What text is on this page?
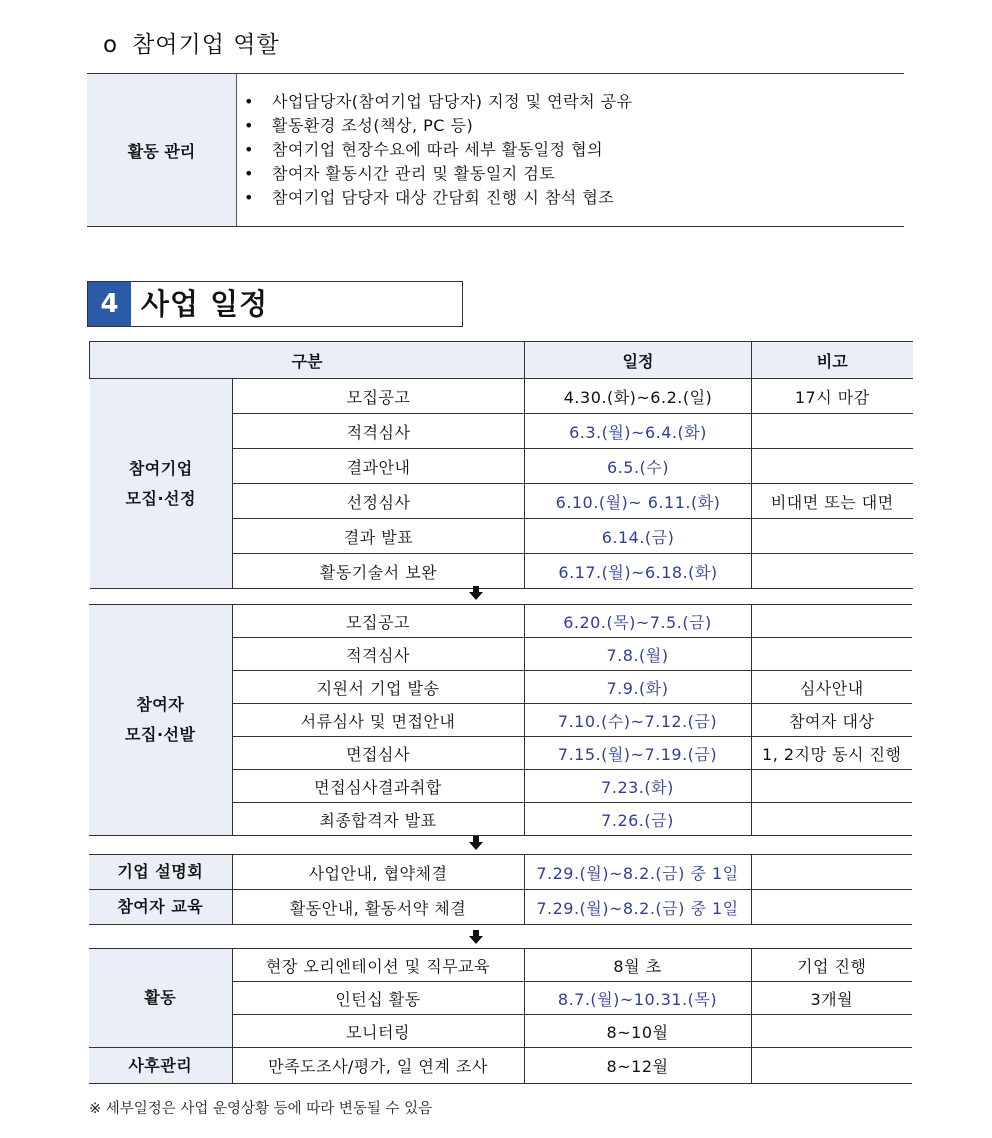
o 참여기업 역할
활동 관리	
• 사업담당자(참여기업 담당자) 지정 및 연락처 공유
• 활동환경 조성(책상, PC 등)
• 참여기업 현장수요에 따라 세부 활동일정 협의
• 참여자 활동시간 관리 및 활동일지 검토
• 참여기업 담당자 대상 간담회 진행 시 참석 협조
4 사업 일정
구분		일정	비고

참여기업
모집·선정	모집공고	4.30.(화)~6.2.(일)	17시 마감
	적격심사	6.3.(월)~6.4.(화)	
	결과안내	6.5.(수)	
	선정심사	6.10.(월)~ 6.11.(화)	비대면 또는 대면
	결과 발표	6.14.(금)	
	활동기술서 보완	6.17.(월)~6.18.(화)	
참여자
모집·선발	모집공고	6.20.(목)~7.5.(금)	
	적격심사	7.8.(월)	
	지원서 기업 발송	7.9.(화)	심사안내
	서류심사 및 면접안내	7.10.(수)~7.12.(금)	참여자 대상
	면접심사	7.15.(월)~7.19.(금)	1, 2지망 동시 진행
	면접심사결과취합	7.23.(화)	
	최종합격자 발표	7.26.(금)	
기업 설명회	사업안내, 협약체결	7.29.(월)~8.2.(금) 중 1일	
참여자 교육	활동안내, 활동서약 체결	7.29.(월)~8.2.(금) 중 1일	
활동	현장 오리엔테이션 및 직무교육	8월 초	기업 진행
	인턴십 활동	8.7.(월)~10.31.(목)	3개월
	모니터링	8~10월	
사후관리	만족도조사/평가, 일 연계 조사	8~12월	
※ 세부일정은 사업 운영상황 등에 따라 변동될 수 있음
